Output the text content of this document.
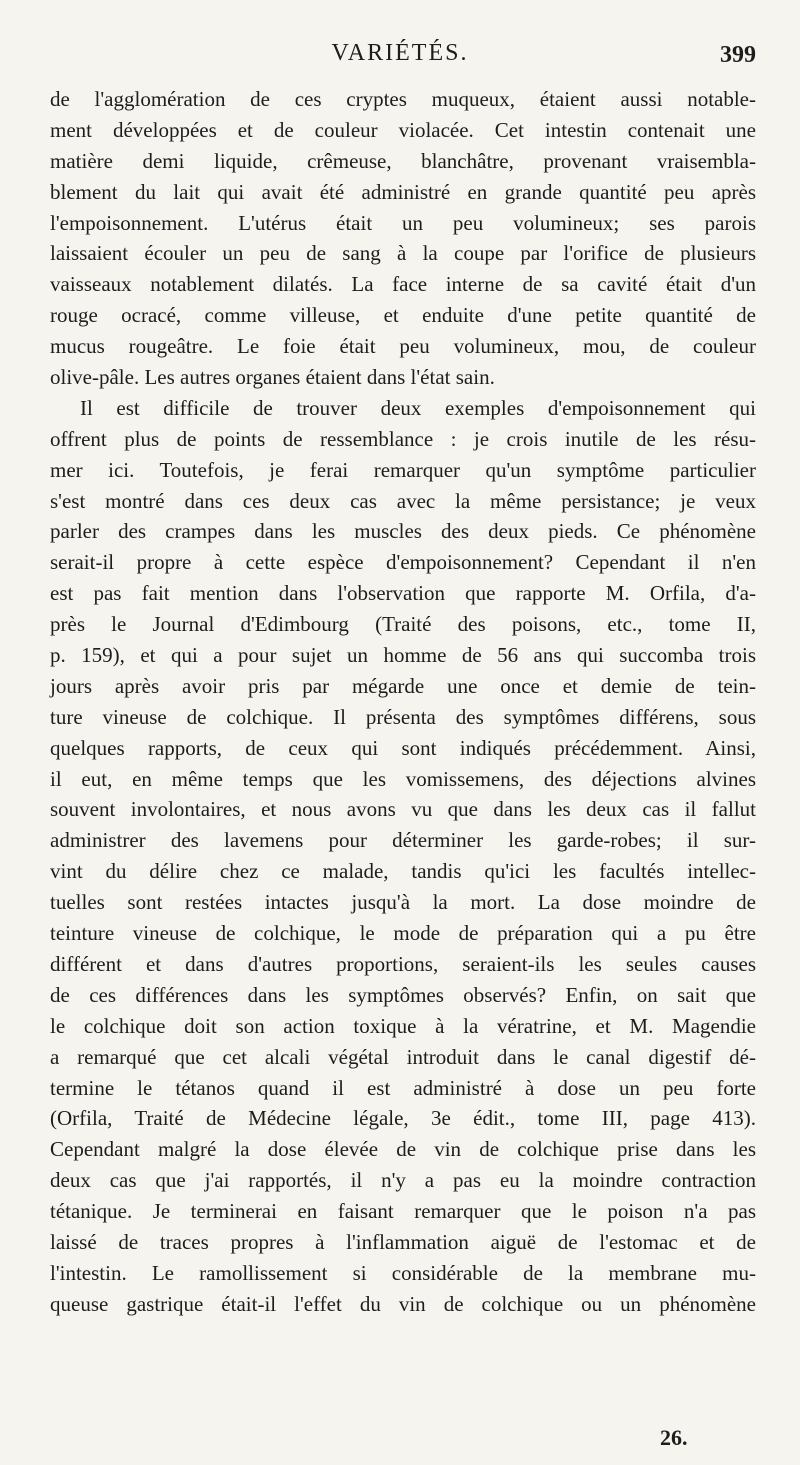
VARIÉTÉS.	399
de l'agglomération de ces cryptes muqueux, étaient aussi notable-
ment développées et de couleur violacée. Cet intestin contenait une
matière demi liquide, crêmeuse, blanchâtre, provenant vraisembla-
blement du lait qui avait été administré en grande quantité peu après
l'empoisonnement. L'utérus était un peu volumineux; ses parois
laissaient écouler un peu de sang à la coupe par l'orifice de plusieurs
vaisseaux notablement dilatés. La face interne de sa cavité était d'un
rouge ocracé, comme villeuse, et enduite d'une petite quantité de
mucus rougeâtre. Le foie était peu volumineux, mou, de couleur
olive-pâle. Les autres organes étaient dans l'état sain.
Il est difficile de trouver deux exemples d'empoisonnement qui
offrent plus de points de ressemblance : je crois inutile de les résu-
mer ici. Toutefois, je ferai remarquer qu'un symptôme particulier
s'est montré dans ces deux cas avec la même persistance; je veux
parler des crampes dans les muscles des deux pieds. Ce phénomène
serait-il propre à cette espèce d'empoisonnement? Cependant il n'en
est pas fait mention dans l'observation que rapporte M. Orfila, d'a-
près le Journal d'Edimbourg (Traité des poisons, etc., tome II,
p. 159), et qui a pour sujet un homme de 56 ans qui succomba trois
jours après avoir pris par mégarde une once et demie de tein-
ture vineuse de colchique. Il présenta des symptômes différens, sous
quelques rapports, de ceux qui sont indiqués précédemment. Ainsi,
il eut, en même temps que les vomissemens, des déjections alvines
souvent involontaires, et nous avons vu que dans les deux cas il fallut
administrer des lavemens pour déterminer les garde-robes; il sur-
vint du délire chez ce malade, tandis qu'ici les facultés intellec-
tuelles sont restées intactes jusqu'à la mort. La dose moindre de
teinture vineuse de colchique, le mode de préparation qui a pu être
différent et dans d'autres proportions, seraient-ils les seules causes
de ces différences dans les symptômes observés? Enfin, on sait que
le colchique doit son action toxique à la vératrine, et M. Magendie
a remarqué que cet alcali végétal introduit dans le canal digestif dé-
termine le tétanos quand il est administré à dose un peu forte
(Orfila, Traité de Médecine légale, 3e édit., tome III, page 413).
Cependant malgré la dose élevée de vin de colchique prise dans les
deux cas que j'ai rapportés, il n'y a pas eu la moindre contraction
tétanique. Je terminerai en faisant remarquer que le poison n'a pas
laissé de traces propres à l'inflammation aiguë de l'estomac et de
l'intestin. Le ramollissement si considérable de la membrane mu-
queuse gastrique était-il l'effet du vin de colchique ou un phénomène
26.
